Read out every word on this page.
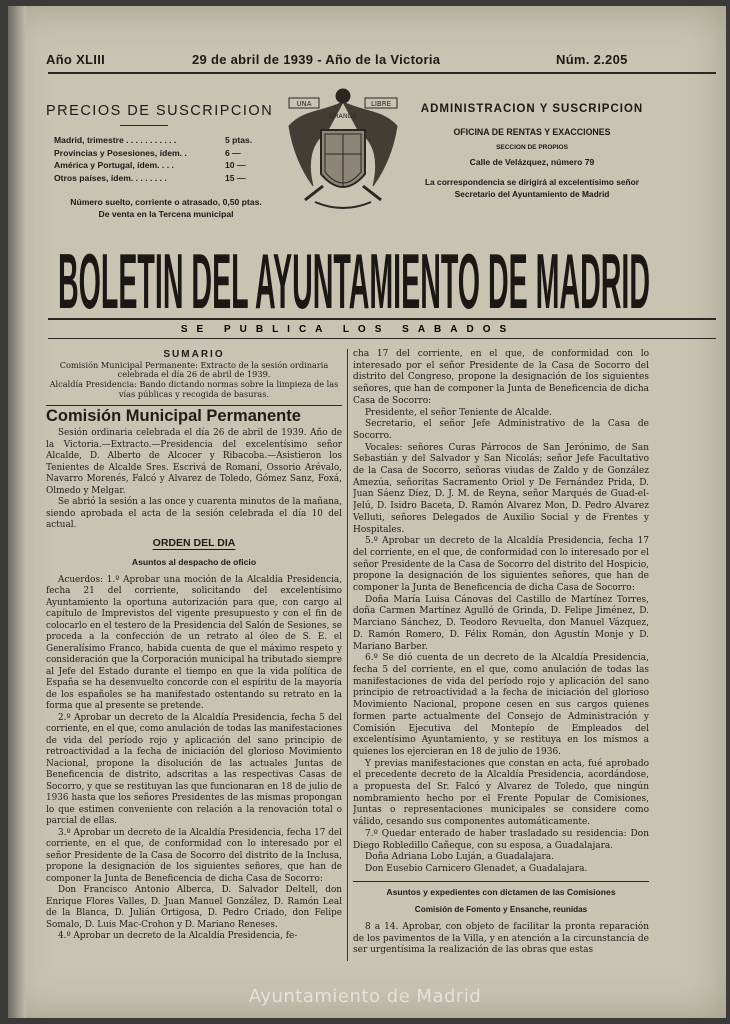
Año XLIII	29 de abril de 1939 - Año de la Victoria	Núm. 2.205
PRECIOS DE SUSCRIPCION
Madrid, trimestre . . . . . . . . . . .	5 ptas.
Provincias y Posesiones, ídem. .	6 —
América y Portugal, ídem. . . .	10 —
Otros países, ídem. . . . . . . .	15 —
Número suelto, corriente o atrasado, 0,50 ptas.
De venta en la Tercena municipal
UNA
GRANDE
LIBRE	ADMINISTRACION Y SUSCRIPCION
OFICINA DE RENTAS Y EXACCIONES
SECCION DE PROPIOS
Calle de Velázquez, número 79
La correspondencia se dirigirá al excelentísimo señor Secretario del Ayuntamiento de Madrid
BOLETIN DEL AYUNTAMIENTO DE MADRID
SE PUBLICA LOS SABADOS
SUMARIO

Comisión Municipal Permanente: Extracto de la sesión ordinaria celebrada el día 26 de abril de 1939.

Alcaldía Presidencia: Bando dictando normas sobre la limpieza de las vías públicas y recogida de basuras.

Comisión Municipal Permanente

Sesión ordinaria celebrada el día 26 de abril de 1939. Año de la Victoria.—Extracto.—Presidencia del excelentísimo señor Alcalde, D. Alberto de Alcocer y Ribacoba.—Asistieron los Tenientes de Alcalde Sres. Escrivá de Romaní, Ossorio Arévalo, Navarro Morenés, Falcó y Alvarez de Toledo, Gómez Sanz, Foxá, Olmedo y Melgar.

Se abrió la sesión a las once y cuarenta minutos de la mañana, siendo aprobada el acta de la sesión celebrada el día 10 del actual.

ORDEN DEL DIA
Asuntos al despacho de oficio

Acuerdos: 1.º Aprobar una moción de la Alcaldía Presidencia, fecha 21 del corriente, solicitando del excelentísimo Ayuntamiento la oportuna autorización para que, con cargo al capítulo de Imprevistos del vigente presupuesto y con el fin de colocarlo en el testero de la Presidencia del Salón de Sesiones, se proceda a la confección de un retrato al óleo de S. E. el Generalísimo Franco, habida cuenta de que el máximo respeto y consideración que la Corporación municipal ha tributado siempre al Jefe del Estado durante el tiempo en que la vida política de España se ha desenvuelto concorde con el espíritu de la mayoría de los españoles se ha manifestado ostentando su retrato en la forma que al presente se pretende.

2.º Aprobar un decreto de la Alcaldía Presidencia, fecha 5 del corriente, en el que, como anulación de todas las manifestaciones de vida del período rojo y aplicación del sano principio de retroactividad a la fecha de iniciación del glorioso Movimiento Nacional, propone la disolución de las actuales Juntas de Beneficencia de distrito, adscritas a las respectivas Casas de Socorro, y que se restituyan las que funcionaran en 18 de julio de 1936 hasta que los señores Presidentes de las mismas propongan lo que estimen conveniente con relación a la renovación total o parcial de ellas.

3.º Aprobar un decreto de la Alcaldía Presidencia, fecha 17 del corriente, en el que, de conformidad con lo interesado por el señor Presidente de la Casa de Socorro del distrito de la Inclusa, propone la designación de los siguientes señores, que han de componer la Junta de Beneficencia de dicha Casa de Socorro:

Don Francisco Antonio Alberca, D. Salvador Deltell, don Enrique Flores Valles, D. Juan Manuel González, D. Ramón Leal de la Blanca, D. Julián Ortigosa, D. Pedro Criado, don Felipe Somalo, D. Luis Mac-Crohon y D. Mariano Reneses.

4.º Aprobar un decreto de la Alcaldía Presidencia, fe-

cha 17 del corriente, en el que, de conformidad con lo interesado por el señor Presidente de la Casa de Socorro del distrito del Congreso, propone la designación de los siguientes señores, que han de componer la Junta de Beneficencia de dicha Casa de Socorro:

Presidente, el señor Teniente de Alcalde.

Secretario, el señor Jefe Administrativo de la Casa de Socorro.

Vocales: señores Curas Párrocos de San Jerónimo, de San Sebastián y del Salvador y San Nicolás; señor Jefe Facultativo de la Casa de Socorro, señoras viudas de Zaldo y de González Amezúa, señoritas Sacramento Oriol y De Fernández Prida, D. Juan Sáenz Díez, D. J. M. de Reyna, señor Marqués de Guad-el-Jelú, D. Isidro Baceta, D. Ramón Alvarez Mon, D. Pedro Alvarez Velluti, señores Delegados de Auxilio Social y de Frentes y Hospitales.

5.º Aprobar un decreto de la Alcaldía Presidencia, fecha 17 del corriente, en el que, de conformidad con lo interesado por el señor Presidente de la Casa de Socorro del distrito del Hospicio, propone la designación de los siguientes señores, que han de componer la Junta de Beneficencia de dicha Casa de Socorro:

Doña María Luisa Cánovas del Castillo de Martínez Torres, doña Carmen Martínez Agulló de Grinda, D. Felipe Jiménez, D. Marciano Sánchez, D. Teodoro Revuelta, don Manuel Vázquez, D. Ramón Romero, D. Félix Román, don Agustín Monje y D. Mariano Barber.

6.º Se dió cuenta de un decreto de la Alcaldía Presidencia, fecha 5 del corriente, en el que, como anulación de todas las manifestaciones de vida del período rojo y aplicación del sano principio de retroactividad a la fecha de iniciación del glorioso Movimiento Nacional, propone cesen en sus cargos quienes formen parte actualmente del Consejo de Administración y Comisión Ejecutiva del Montepío de Empleados del excelentísimo Ayuntamiento, y se restituya en los mismos a quienes los ejercieran en 18 de julio de 1936.

Y previas manifestaciones que constan en acta, fué aprobado el precedente decreto de la Alcaldía Presidencia, acordándose, a propuesta del Sr. Falcó y Alvarez de Toledo, que ningún nombramiento hecho por el Frente Popular de Comisiones, Juntas o representaciones municipales se considere como válido, cesando sus componentes automáticamente.

7.º Quedar enterado de haber trasladado su residencia: Don Diego Robledillo Cañeque, con su esposa, a Guadalajara.

Doña Adriana Lobo Luján, a Guadalajara.

Don Eusebio Carnicero Glenadet, a Guadalajara.

Asuntos y expedientes con dictamen de las Comisiones
Comisión de Fomento y Ensanche, reunidas

8 a 14. Aprobar, con objeto de facilitar la pronta reparación de los pavimentos de la Villa, y en atención a la circunstancia de ser urgentísima la realización de las obras que estas

Ayuntamiento de Madrid
